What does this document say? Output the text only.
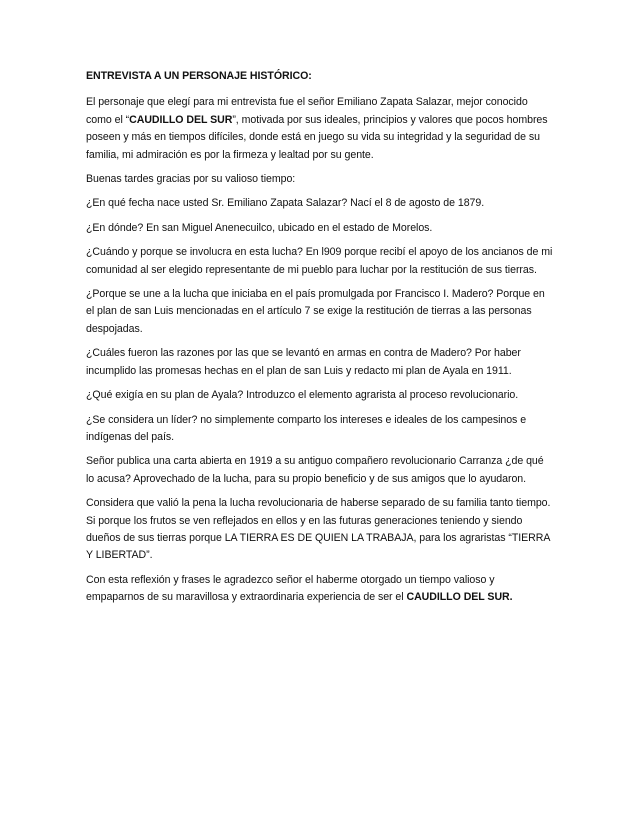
ENTREVISTA A UN PERSONAJE HISTÓRICO:

El personaje que elegí para mi entrevista fue el señor Emiliano Zapata Salazar, mejor conocido como el “CAUDILLO DEL SUR”, motivada por sus ideales, principios y valores que pocos hombres poseen y más en tiempos difíciles, donde está en juego su vida su integridad y la seguridad de su familia, mi admiración es por la firmeza y lealtad por su gente.

Buenas tardes gracias por su valioso tiempo:

¿En qué fecha nace usted Sr. Emiliano Zapata Salazar? Nací el 8 de agosto de 1879.

¿En dónde? En san Miguel Anenecuilco, ubicado en el estado de Morelos.

¿Cuándo y porque se involucra en esta lucha? En l909 porque recibí el apoyo de los ancianos de mi comunidad al ser elegido representante de mi pueblo para luchar por la restitución de sus tierras.

¿Porque se une a la lucha que iniciaba en el país promulgada por Francisco I. Madero? Porque en el plan de san Luis mencionadas en el artículo 7 se exige la restitución de tierras a las personas despojadas.

¿Cuáles fueron las razones por las que se levantó en armas en contra de Madero? Por haber incumplido las promesas hechas en el plan de san Luis y redacto mi plan de Ayala en 1911.

¿Qué exigía en su plan de Ayala? Introduzco el elemento agrarista al proceso revolucionario.

¿Se considera un líder? no simplemente comparto los intereses e ideales de los campesinos e indígenas del país.

Señor publica una carta abierta en 1919 a su antiguo compañero revolucionario Carranza ¿de qué lo acusa? Aprovechado de la lucha, para su propio beneficio y de sus amigos que lo ayudaron.

Considera que valió la pena la lucha revolucionaria de haberse separado de su familia tanto tiempo. Si porque los frutos se ven reflejados en ellos y en las futuras generaciones teniendo y siendo dueños de sus tierras porque LA TIERRA ES DE QUIEN LA TRABAJA, para los agraristas “TIERRA Y LIBERTAD”.

Con esta reflexión y frases le agradezco señor el haberme otorgado un tiempo valioso y empaparnos de su maravillosa y extraordinaria experiencia de ser el CAUDILLO DEL SUR.
